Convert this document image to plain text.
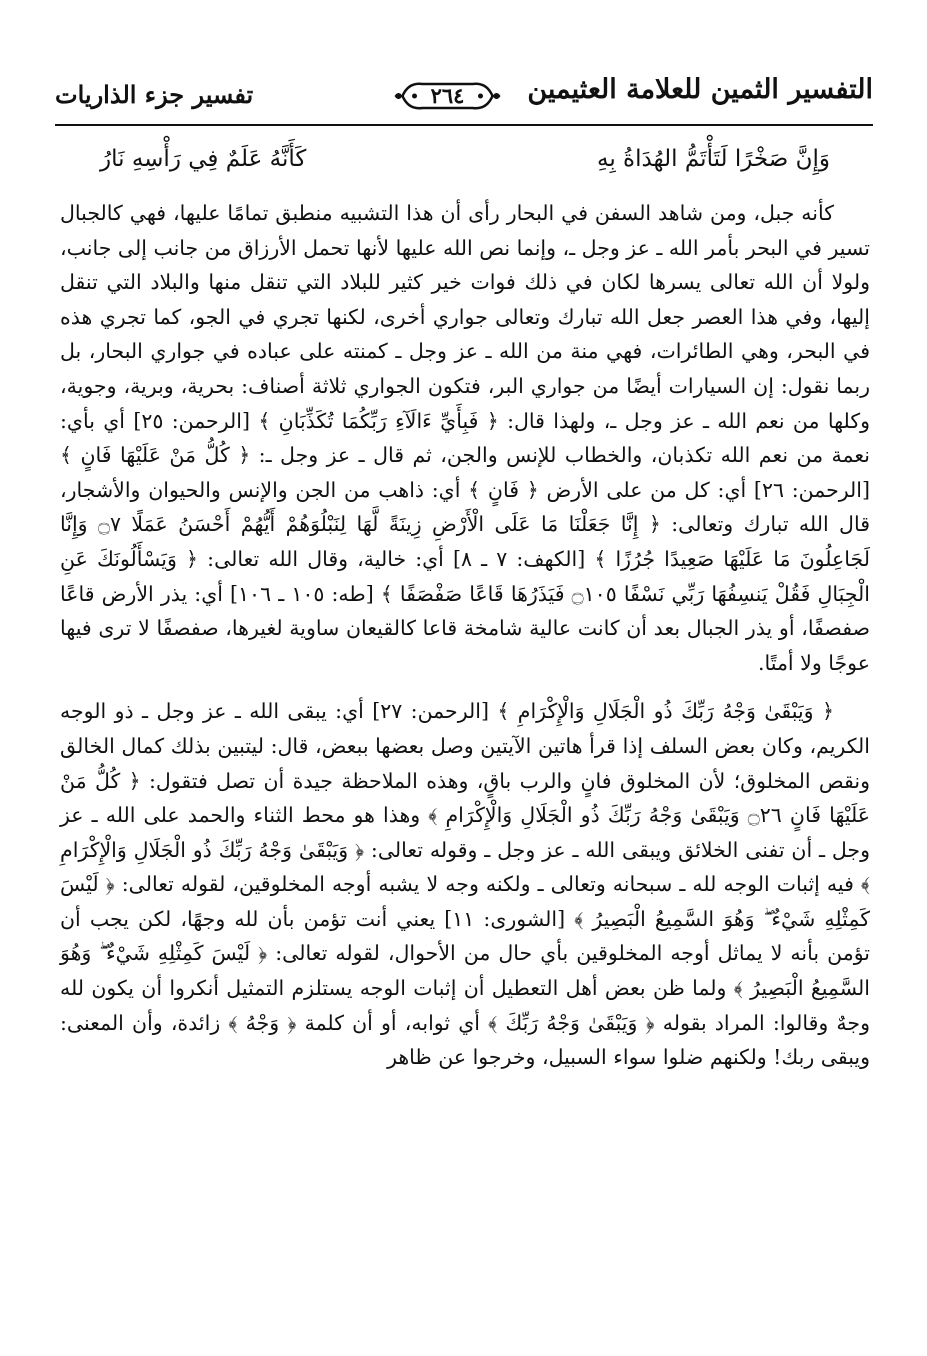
التفسير الثمين للعلامة العثيمين
٢٦٤
تفسير جزء الذاريات
وَإِنَّ صَخْرًا لَتَأْتَمُّ الهُدَاةُ بِهِ
كَأَنَّهُ عَلَمٌ فِي رَأْسِهِ نَارُ

كأنه جبل، ومن شاهد السفن في البحار رأى أن هذا التشبيه منطبق تمامًا عليها، فهي كالجبال تسير في البحر بأمر الله ـ عز وجل ـ، وإنما نص الله عليها لأنها تحمل الأرزاق من جانب إلى جانب، ولولا أن الله تعالى يسرها لكان في ذلك فوات خير كثير للبلاد التي تنقل منها والبلاد التي تنقل إليها، وفي هذا العصر جعل الله تبارك وتعالى جواري أخرى، لكنها تجري في الجو، كما تجري هذه في البحر، وهي الطائرات، فهي منة من الله ـ عز وجل ـ كمنته على عباده في جواري البحار، بل ربما نقول: إن السيارات أيضًا من جواري البر، فتكون الجواري ثلاثة أصناف: بحرية، وبرية، وجوية، وكلها من نعم الله ـ عز وجل ـ، ولهذا قال: ﴿ فَبِأَيِّ ءَالَآءِ رَبِّكُمَا تُكَذِّبَانِ ﴾ [الرحمن: ٢٥] أي بأي: نعمة من نعم الله تكذبان، والخطاب للإنس والجن، ثم قال ـ عز وجل ـ: ﴿ كُلُّ مَنْ عَلَيْهَا فَانٍ ﴾ [الرحمن: ٢٦] أي: كل من على الأرض ﴿ فَانٍ ﴾ أي: ذاهب من الجن والإنس والحيوان والأشجار، قال الله تبارك وتعالى: ﴿ إِنَّا جَعَلْنَا مَا عَلَى الْأَرْضِ زِينَةً لَّهَا لِنَبْلُوَهُمْ أَيُّهُمْ أَحْسَنُ عَمَلًا ۝٧ وَإِنَّا لَجَاعِلُونَ مَا عَلَيْهَا صَعِيدًا جُرُزًا ﴾ [الكهف: ٧ ـ ٨] أي: خالية، وقال الله تعالى: ﴿ وَيَسْأَلُونَكَ عَنِ الْجِبَالِ فَقُلْ يَنسِفُهَا رَبِّي نَسْفًا ۝١٠٥ فَيَذَرُهَا قَاعًا صَفْصَفًا ﴾ [طه: ١٠٥ ـ ١٠٦] أي: يذر الأرض قاعًا صفصفًا، أو يذر الجبال بعد أن كانت عالية شامخة قاعا كالقيعان ساوية لغيرها، صفصفًا لا ترى فيها عوجًا ولا أمتًا.

﴿ وَيَبْقَىٰ وَجْهُ رَبِّكَ ذُو الْجَلَالِ وَالْإِكْرَامِ ﴾ [الرحمن: ٢٧] أي: يبقى الله ـ عز وجل ـ ذو الوجه الكريم، وكان بعض السلف إذا قرأ هاتين الآيتين وصل بعضها ببعض، قال: ليتبين بذلك كمال الخالق ونقص المخلوق؛ لأن المخلوق فانٍ والرب باقٍ، وهذه الملاحظة جيدة أن تصل فتقول: ﴿ كُلُّ مَنْ عَلَيْهَا فَانٍ ۝٢٦ وَيَبْقَىٰ وَجْهُ رَبِّكَ ذُو الْجَلَالِ وَالْإِكْرَامِ ﴾ وهذا هو محط الثناء والحمد على الله ـ عز وجل ـ أن تفنى الخلائق ويبقى الله ـ عز وجل ـ وقوله تعالى: ﴿ وَيَبْقَىٰ وَجْهُ رَبِّكَ ذُو الْجَلَالِ وَالْإِكْرَامِ ﴾ فيه إثبات الوجه لله ـ سبحانه وتعالى ـ ولكنه وجه لا يشبه أوجه المخلوقين، لقوله تعالى: ﴿ لَيْسَ كَمِثْلِهِ شَيْءٌ ۖ وَهُوَ السَّمِيعُ الْبَصِيرُ ﴾ [الشورى: ١١] يعني أنت تؤمن بأن لله وجهًا، لكن يجب أن تؤمن بأنه لا يماثل أوجه المخلوقين بأي حال من الأحوال، لقوله تعالى: ﴿ لَيْسَ كَمِثْلِهِ شَيْءٌ ۖ وَهُوَ السَّمِيعُ الْبَصِيرُ ﴾ ولما ظن بعض أهل التعطيل أن إثبات الوجه يستلزم التمثيل أنكروا أن يكون لله وجهٌ وقالوا: المراد بقوله ﴿ وَيَبْقَىٰ وَجْهُ رَبِّكَ ﴾ أي ثوابه، أو أن كلمة ﴿ وَجْهُ ﴾ زائدة، وأن المعنى: ويبقى ربك! ولكنهم ضلوا سواء السبيل، وخرجوا عن ظاهر
